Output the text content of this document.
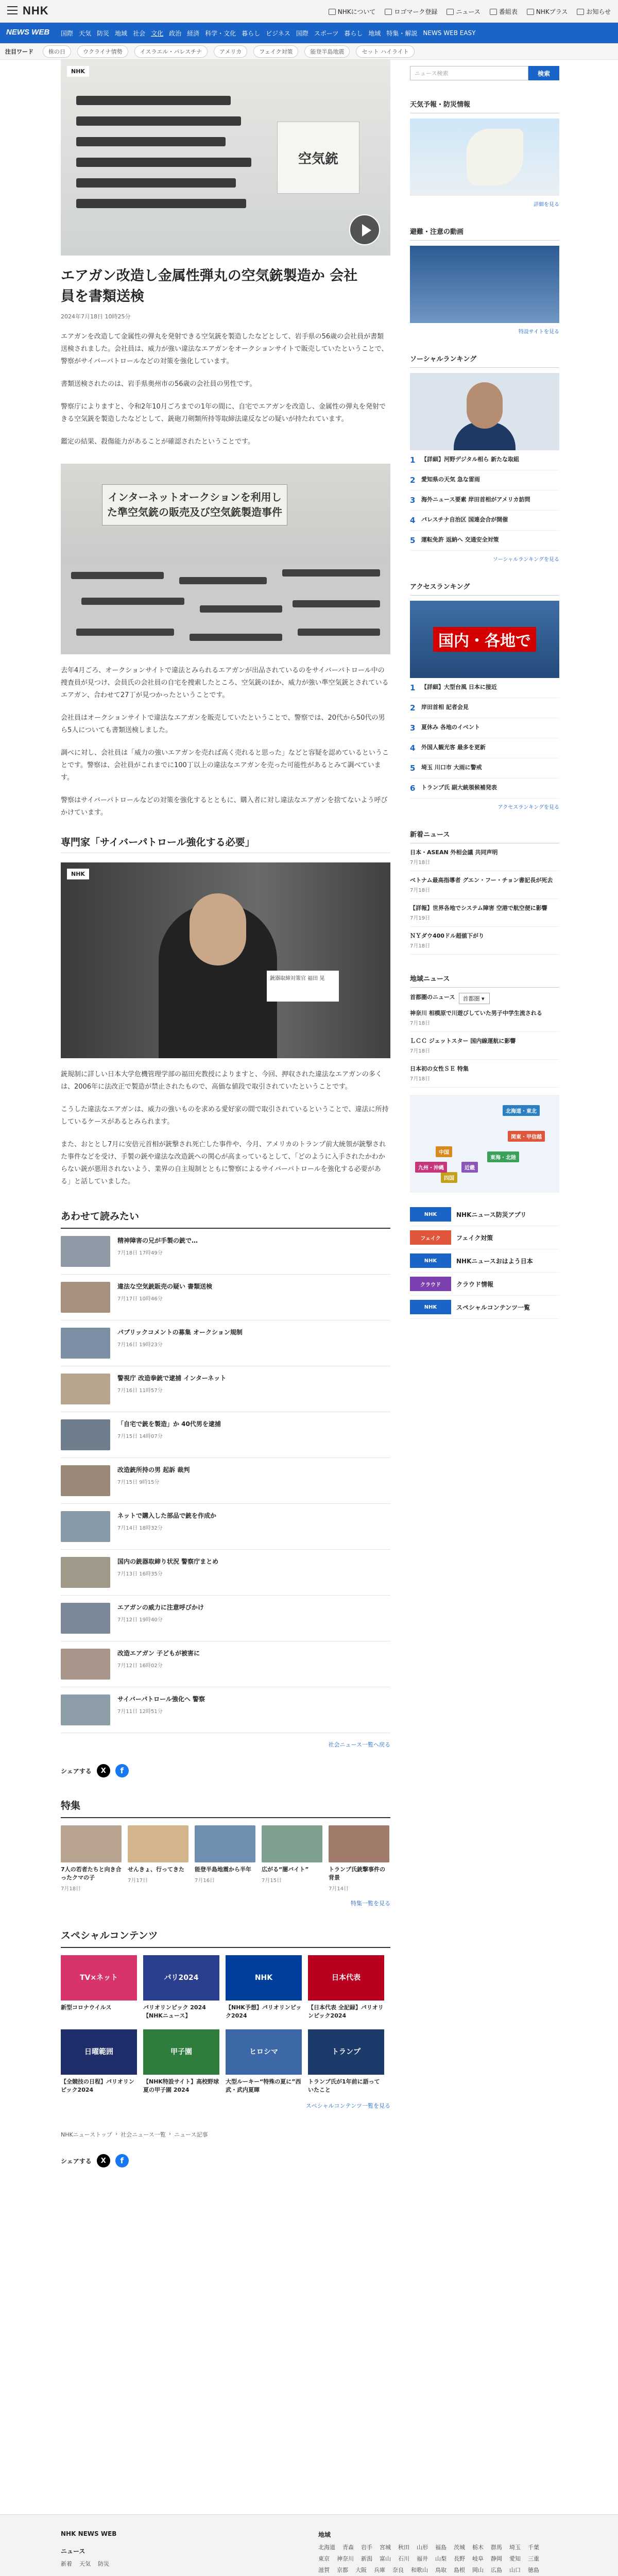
NHK	NHKについて	ロゴマーク登録	ニュース	番組表	NHKプラス	お知らせ
NEWS WEB 国際 天気 防災 地域 社会 文化 政治 経済 科学・文化 暮らし ビジネス 国際 スポーツ 暮らし 地域 特集・解説 NEWS WEB EASY
注目ワード	株の日	ウクライナ情勢	イスラエル・パレスチナ	アメリカ	フェイク対策	能登半島地震	セット ハイライト
空気銃
NHK
エアガン改造し金属性弾丸の空気銃製造か 会社員を書類送検
2024年7月18日 10時25分

エアガンを改造して金属性の弾丸を発射できる空気銃を製造したなどとして、岩手県の56歳の会社員が書類送検されました。会社員は、威力が強い違法なエアガンをオークションサイトで販売していたということで、警察がサイバーパトロールなどの対策を強化しています。

書類送検されたのは、岩手県奥州市の56歳の会社員の男性です。

警察庁によりますと、令和2年10月ごろまでの1年の間に、自宅でエアガンを改造し、金属性の弾丸を発射できる空気銃を製造したなどとして、銃砲刀剣類所持等取締法違反などの疑いが持たれています。

鑑定の結果、殺傷能力があることが確認されたということです。

インターネットオークションを利用した準空気銃の販売及び空気銃製造事件

去年4月ごろ、オークションサイトで違法とみられるエアガンが出品されているのをサイバーパトロール中の捜査員が見つけ、会員氏の会社員の自宅を捜索したところ、空気銃のほか、威力が強い準空気銃とされているエアガン、合わせて27丁が見つかったということです。

会社員はオークションサイトで違法なエアガンを販売していたということで、警察では、20代から50代の男ら5人についても書類送検しました。

調べに対し、会社員は「威力の強いエアガンを売れば高く売れると思った」などと容疑を認めているということです。警察は、会社員がこれまでに100丁以上の違法なエアガンを売った可能性があるとみて調べています。

警察はサイバーパトロールなどの対策を強化するとともに、購入者に対し違法なエアガンを捨てないよう呼びかけています。

専門家「サイバーパトロール強化する必要」
銃器取締対策官 福田 晃
NHK

銃規制に詳しい日本大学危機管理学部の福田充教授によりますと、今回、押収された違法なエアガンの多くは、2006年に法改正で製造が禁止されたもので、高価な値段で取引されていたということです。

こうした違法なエアガンは、威力の強いものを求める愛好家の間で取引されているということで、違法に所持しているケースがあるとみられます。

また、おととし7月に安倍元首相が銃撃され死亡した事件や、今月、アメリカのトランプ前大統領が銃撃された事件などを受け、手製の銃や違法な改造銃への関心が高まっているとして、「どのように入手されたかわからない銃が悪用されないよう、業界の自主規制とともに警察によるサイバーパトロールを強化する必要がある」と話していました。

あわせて読みたい
精神障害の兄が手製の銃で…
7月18日 17時49分
違法な空気銃販売の疑い 書類送検
7月17日 10時46分
パブリックコメントの募集 オークション規制
7月16日 19時23分
警視庁 改造拳銃で逮捕 インターネット
7月16日 11時57分
「自宅で銃を製造」か 40代男を逮捕
7月15日 14時07分
改造銃所持の男 起訴 裁判
7月15日 9時15分
ネットで購入した部品で銃を作成か
7月14日 18時32分
国内の銃器取締り状況 警察庁まとめ
7月13日 16時35分
エアガンの威力に注意呼びかけ
7月12日 19時40分
改造エアガン 子どもが被害に
7月12日 16時02分
サイバーパトロール強化へ 警察
7月11日 12時51分
社会ニュース一覧へ戻る
シェアする	X	f
特集
7人の若者たちと向き合ったクマの子
7月18日
せんきょ、行ってきた
7月17日
能登半島地震から半年
7月16日
広がる“闇バイト”
7月15日
トランプ氏銃撃事件の背景
7月14日
特集一覧を見る
スペシャルコンテンツ
TV×ネット
新型コロナウイルス
パリ2024
パリオリンピック 2024【NHKニュース】
NHK
【NHK予想】パリオリンピック2024
日本代表
【日本代表 全記録】パリオリンピック2024
日曜範囲
【全競技の日程】パリオリンピック2024
甲子園
【NHK特設サイト】高校野球 夏の甲子園 2024
ヒロシマ
大型ルーキー“特殊の夏に”西武・武内夏暉
トランプ
トランプ氏が1年前に語っていたこと
スペシャルコンテンツ一覧を見る
NHKニューストップ › 社会ニュース一覧 › ニュース記事
シェアする	X	f
ニュース検索	検索
天気予報・防災情報
詳細を見る
避難・注意の動画
特設サイトを見る
ソーシャルランキング
1	【詳細】河野デジタル相ら 新たな取組
2	愛知県の天気 急な雷雨
3	海外ニュース要素 岸田首相がアメリカ訪問
4	パレスチナ自治区 国連会合が開催
5	運転免許 返納へ 交通安全対策
ソーシャルランキングを見る
アクセスランキング
国内・各地で
1	【詳細】大型台風 日本に接近
2	岸田首相 記者会見
3	夏休み 各地のイベント
4	外国人観光客 最多を更新
5	埼玉 川口市 大雨に警戒
6	トランプ氏 副大統領候補発表
アクセスランキングを見る
新着ニュース
日本・ASEAN 外相会議 共同声明
7月18日
ベトナム最高指導者 グエン・フー・チョン書記長が死去
7月18日
【詳報】世界各地でシステム障害 空港で航空便に影響
7月19日
ＮＹダウ400ドル超値下がり
7月18日
地域ニュース
首都圏のニュース	首都圏 ▾
神奈川 相模原で川遊びしていた男子中学生流される
7月18日
ＬＣＣ ジェットスター 国内線運航に影響
7月18日
日本初の女性ＳＥ 特集
7月18日
北海道・東北
関東・甲信越
東海・北陸
近畿
中国
四国
九州・沖縄
NHK	NHKニュース防災アプリ
フェイク	フェイク対策
NHK	NHKニュースおはよう日本
クラウド	クラウド情報
NHK	スペシャルコンテンツ一覧
NHK NEWS WEB
ニュース
新着 天気 防災
地域
北海道 青森 岩手 宮城 秋田 山形 福島 茨城 栃木 群馬 埼玉 千葉
東京 神奈川 新潟 富山 石川 福井 山梨 長野 岐阜 静岡 愛知 三重
滋賀 京都 大阪 兵庫 奈良 和歌山 鳥取 島根 岡山 広島 山口 徳島
